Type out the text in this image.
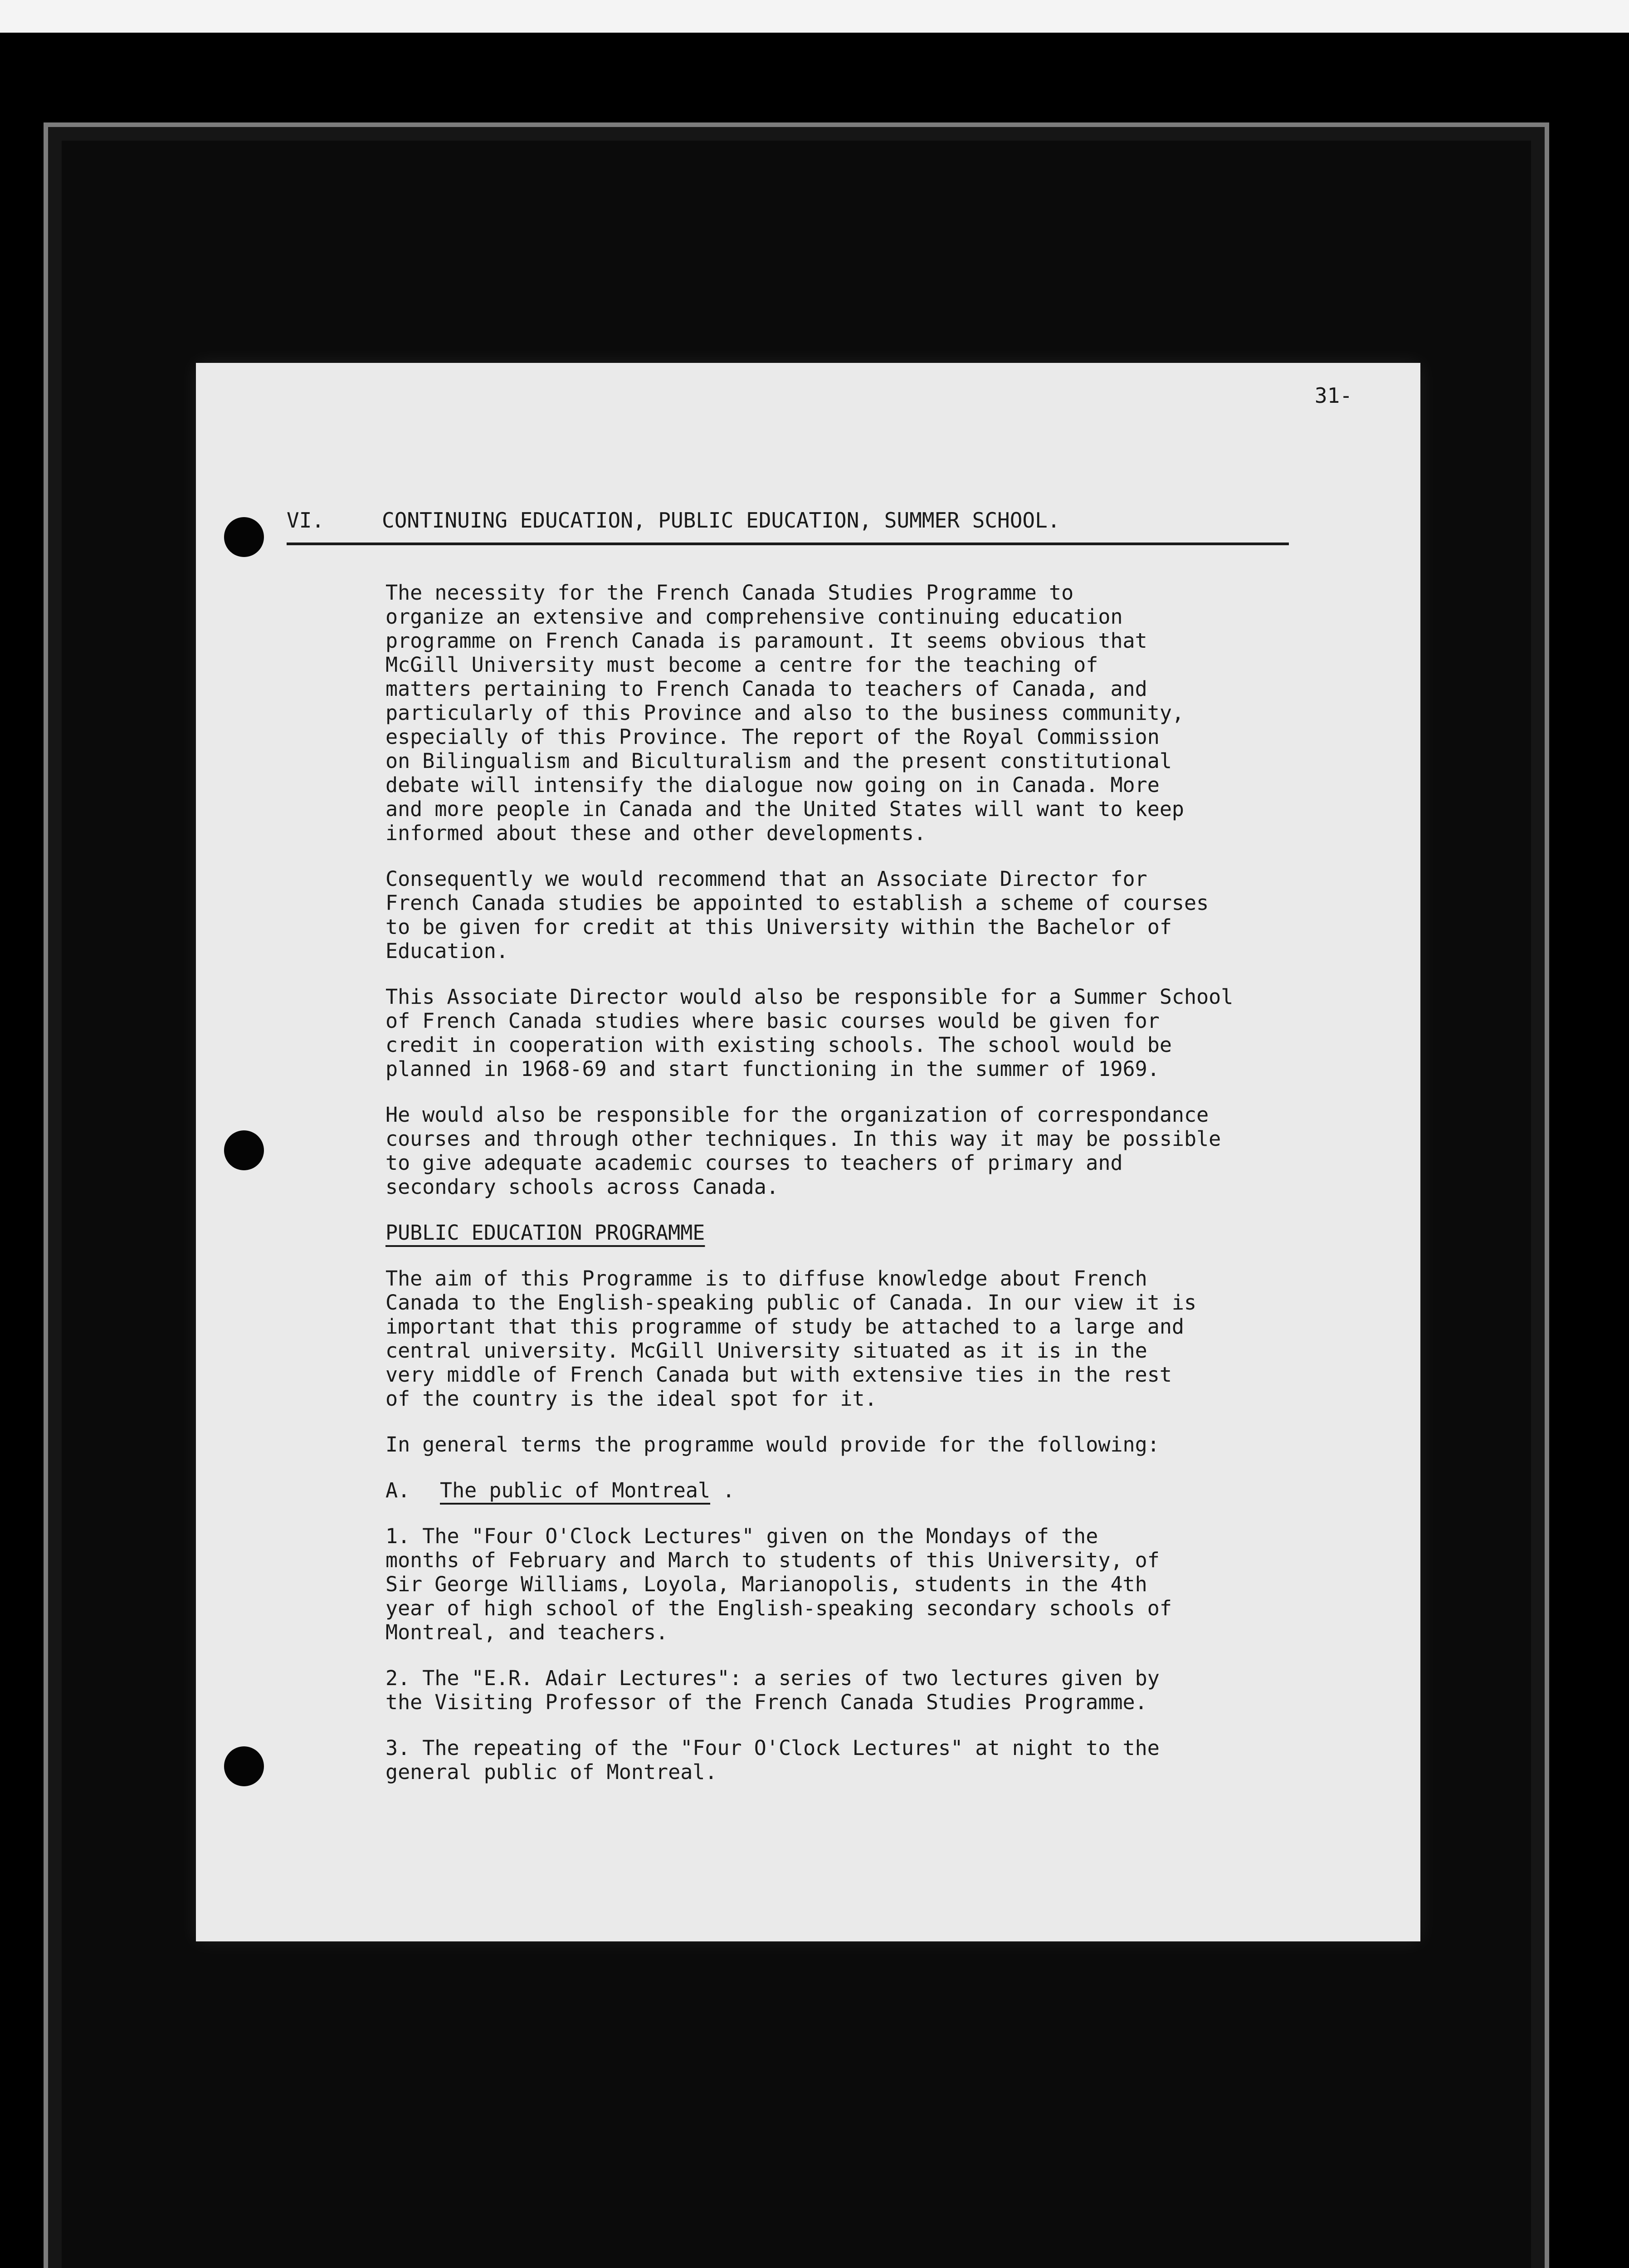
31-
VI.	CONTINUING EDUCATION, PUBLIC EDUCATION, SUMMER SCHOOL.

The necessity for the French Canada Studies Programme to
organize an extensive and comprehensive continuing education
programme on French Canada is paramount. It seems obvious that
McGill University must become a centre for the teaching of
matters pertaining to French Canada to teachers of Canada, and
particularly of this Province and also to the business community,
especially of this Province. The report of the Royal Commission
on Bilingualism and Biculturalism and the present constitutional
debate will intensify the dialogue now going on in Canada. More
and more people in Canada and the United States will want to keep
informed about these and other developments.

Consequently we would recommend that an Associate Director for
French Canada studies be appointed to establish a scheme of courses
to be given for credit at this University within the Bachelor of
Education.

This Associate Director would also be responsible for a Summer School
of French Canada studies where basic courses would be given for
credit in cooperation with existing schools. The school would be
planned in 1968-69 and start functioning in the summer of 1969.

He would also be responsible for the organization of correspondance
courses and through other techniques. In this way it may be possible
to give adequate academic courses to teachers of primary and
secondary schools across Canada.

PUBLIC EDUCATION PROGRAMME

The aim of this Programme is to diffuse knowledge about French
Canada to the English-speaking public of Canada. In our view it is
important that this programme of study be attached to a large and
central university. McGill University situated as it is in the
very middle of French Canada but with extensive ties in the rest
of the country is the ideal spot for it.

In general terms the programme would provide for the following:

A. The public of Montreal .
1. The "Four O'Clock Lectures" given on the Mondays of the
months of February and March to students of this University, of
Sir George Williams, Loyola, Marianopolis, students in the 4th
year of high school of the English-speaking secondary schools of
Montreal, and teachers.
2. The "E.R. Adair Lectures": a series of two lectures given by
the Visiting Professor of the French Canada Studies Programme.
3. The repeating of the "Four O'Clock Lectures" at night to the
general public of Montreal.
